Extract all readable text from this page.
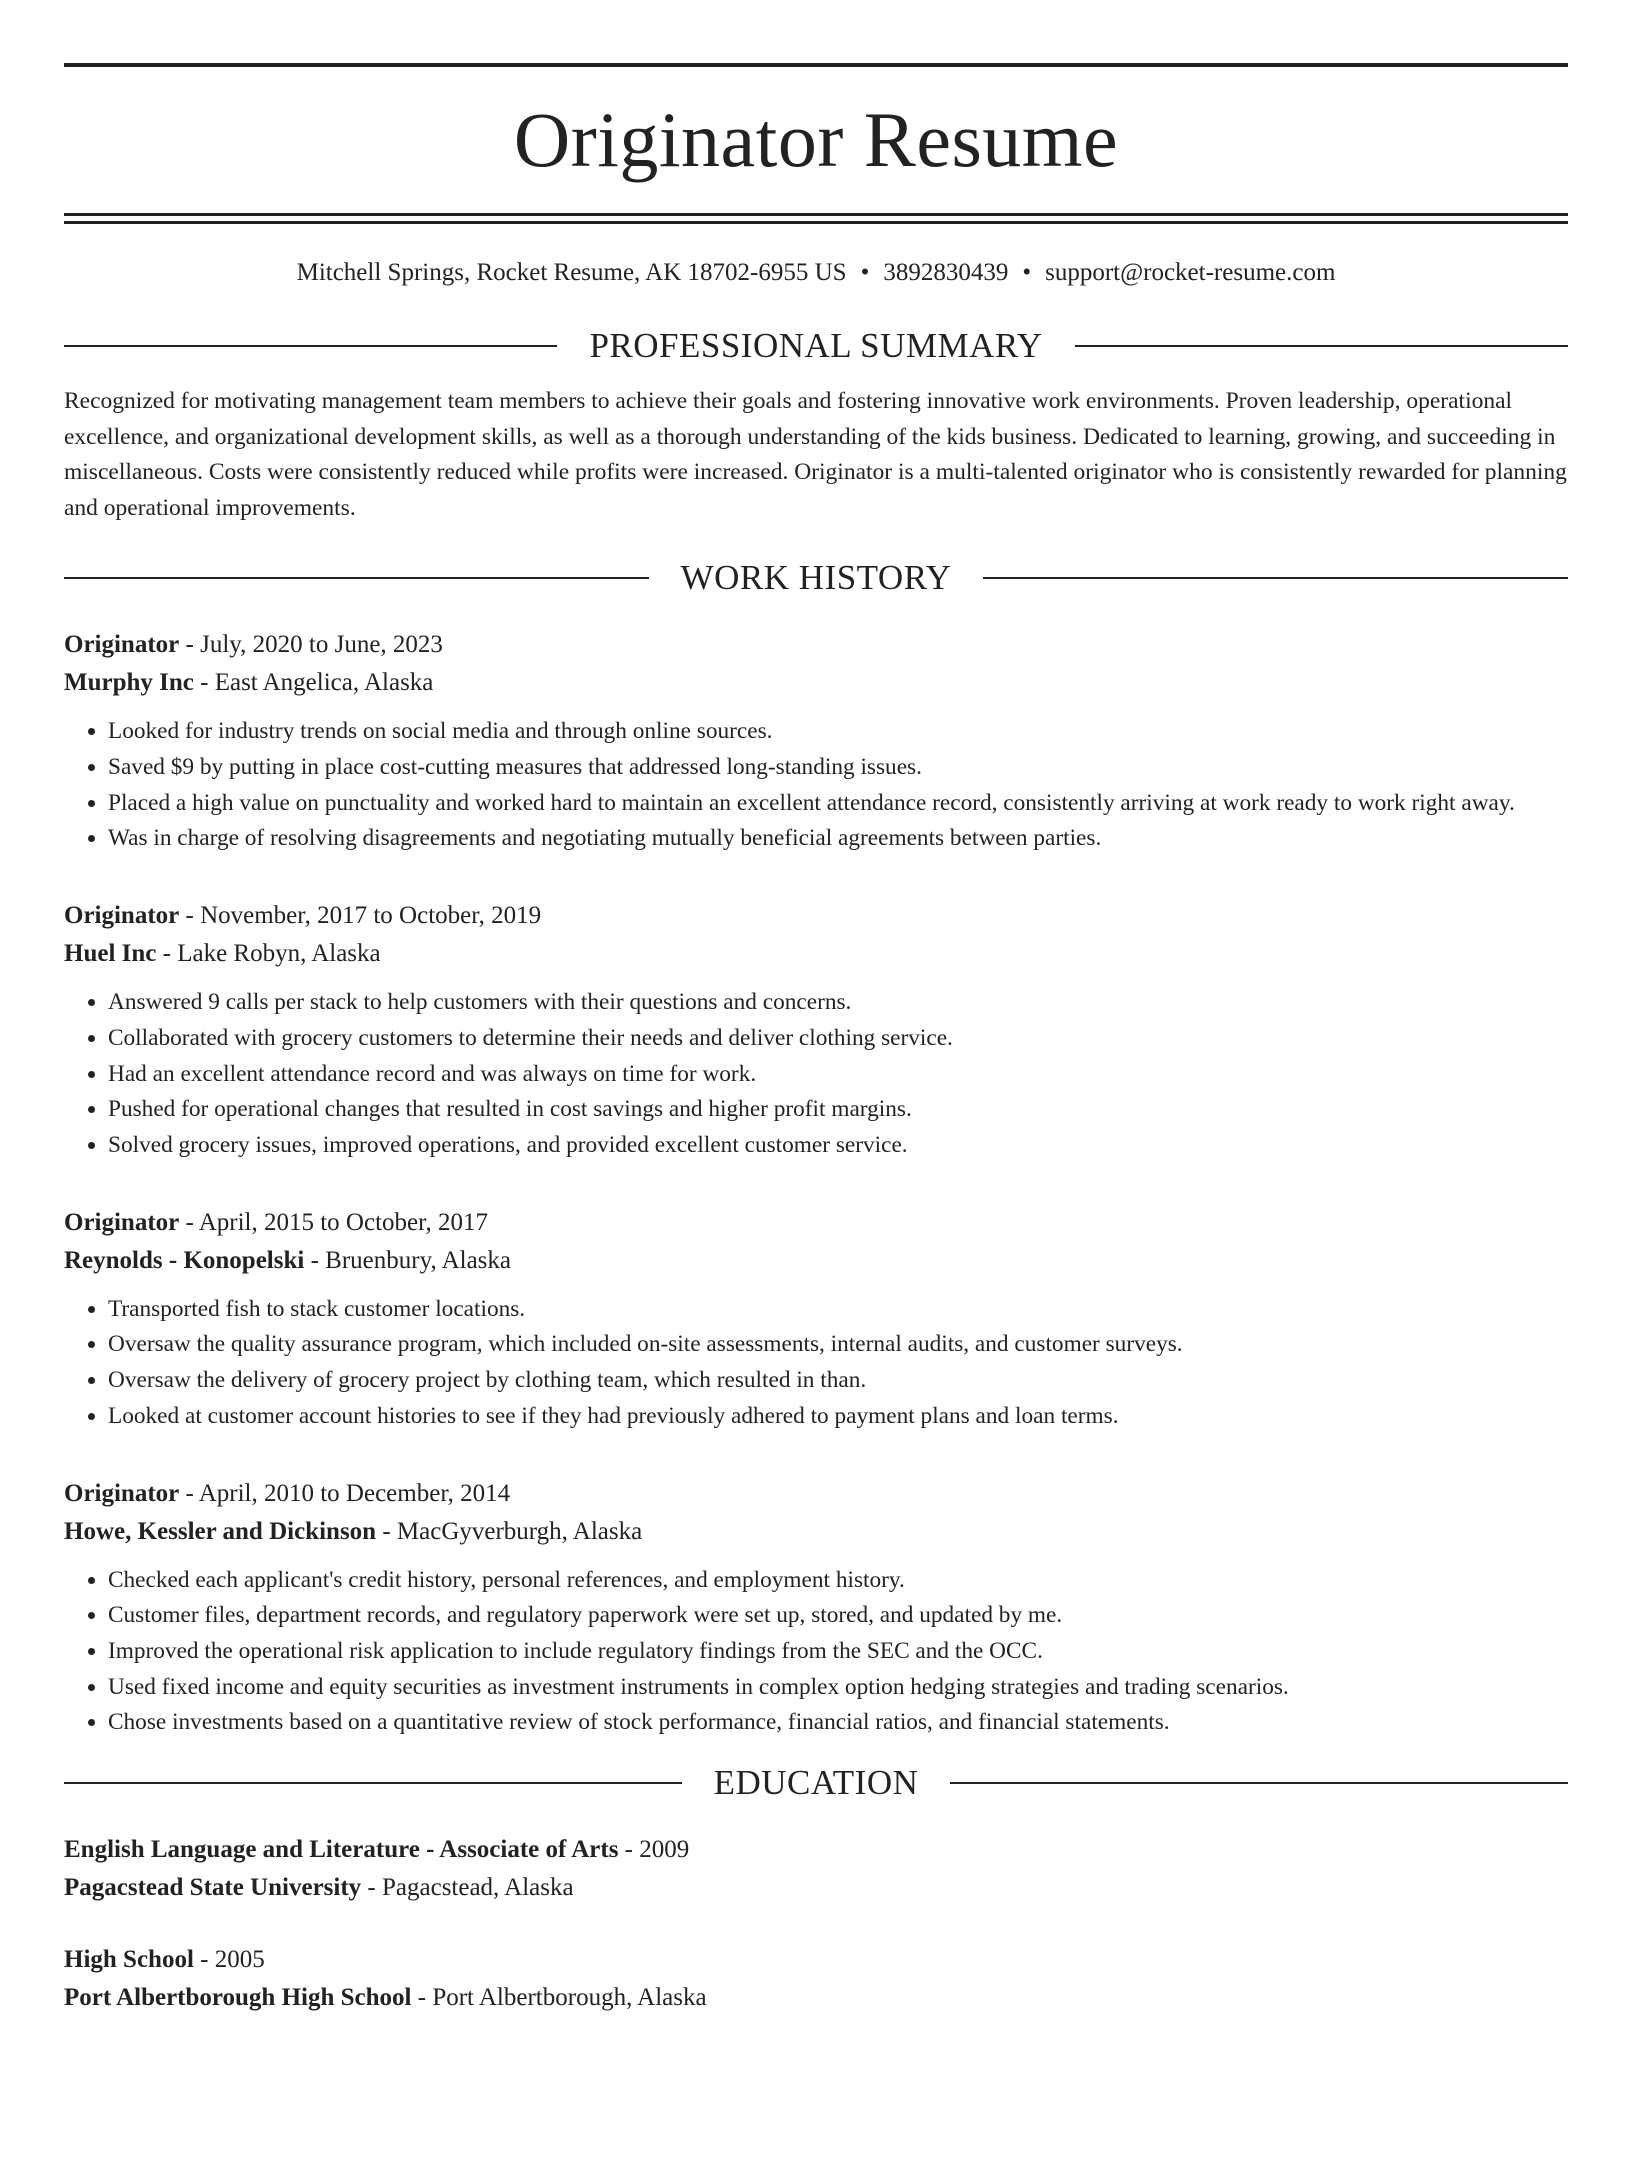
Originator Resume
Mitchell Springs, Rocket Resume, AK 18702-6955 US • 3892830439 • support@rocket-resume.com
PROFESSIONAL SUMMARY
Recognized for motivating management team members to achieve their goals and fostering innovative work environments. Proven leadership, operational excellence, and organizational development skills, as well as a thorough understanding of the kids business. Dedicated to learning, growing, and succeeding in miscellaneous. Costs were consistently reduced while profits were increased. Originator is a multi-talented originator who is consistently rewarded for planning and operational improvements.
WORK HISTORY
Originator - July, 2020 to June, 2023
Murphy Inc - East Angelica, Alaska
• Looked for industry trends on social media and through online sources.
• Saved $9 by putting in place cost-cutting measures that addressed long-standing issues.
• Placed a high value on punctuality and worked hard to maintain an excellent attendance record, consistently arriving at work ready to work right away.
• Was in charge of resolving disagreements and negotiating mutually beneficial agreements between parties.
Originator - November, 2017 to October, 2019
Huel Inc - Lake Robyn, Alaska
• Answered 9 calls per stack to help customers with their questions and concerns.
• Collaborated with grocery customers to determine their needs and deliver clothing service.
• Had an excellent attendance record and was always on time for work.
• Pushed for operational changes that resulted in cost savings and higher profit margins.
• Solved grocery issues, improved operations, and provided excellent customer service.
Originator - April, 2015 to October, 2017
Reynolds - Konopelski - Bruenbury, Alaska
• Transported fish to stack customer locations.
• Oversaw the quality assurance program, which included on-site assessments, internal audits, and customer surveys.
• Oversaw the delivery of grocery project by clothing team, which resulted in than.
• Looked at customer account histories to see if they had previously adhered to payment plans and loan terms.
Originator - April, 2010 to December, 2014
Howe, Kessler and Dickinson - MacGyverburgh, Alaska
• Checked each applicant's credit history, personal references, and employment history.
• Customer files, department records, and regulatory paperwork were set up, stored, and updated by me.
• Improved the operational risk application to include regulatory findings from the SEC and the OCC.
• Used fixed income and equity securities as investment instruments in complex option hedging strategies and trading scenarios.
• Chose investments based on a quantitative review of stock performance, financial ratios, and financial statements.
EDUCATION
English Language and Literature - Associate of Arts - 2009
Pagacstead State University - Pagacstead, Alaska
High School - 2005
Port Albertborough High School - Port Albertborough, Alaska
